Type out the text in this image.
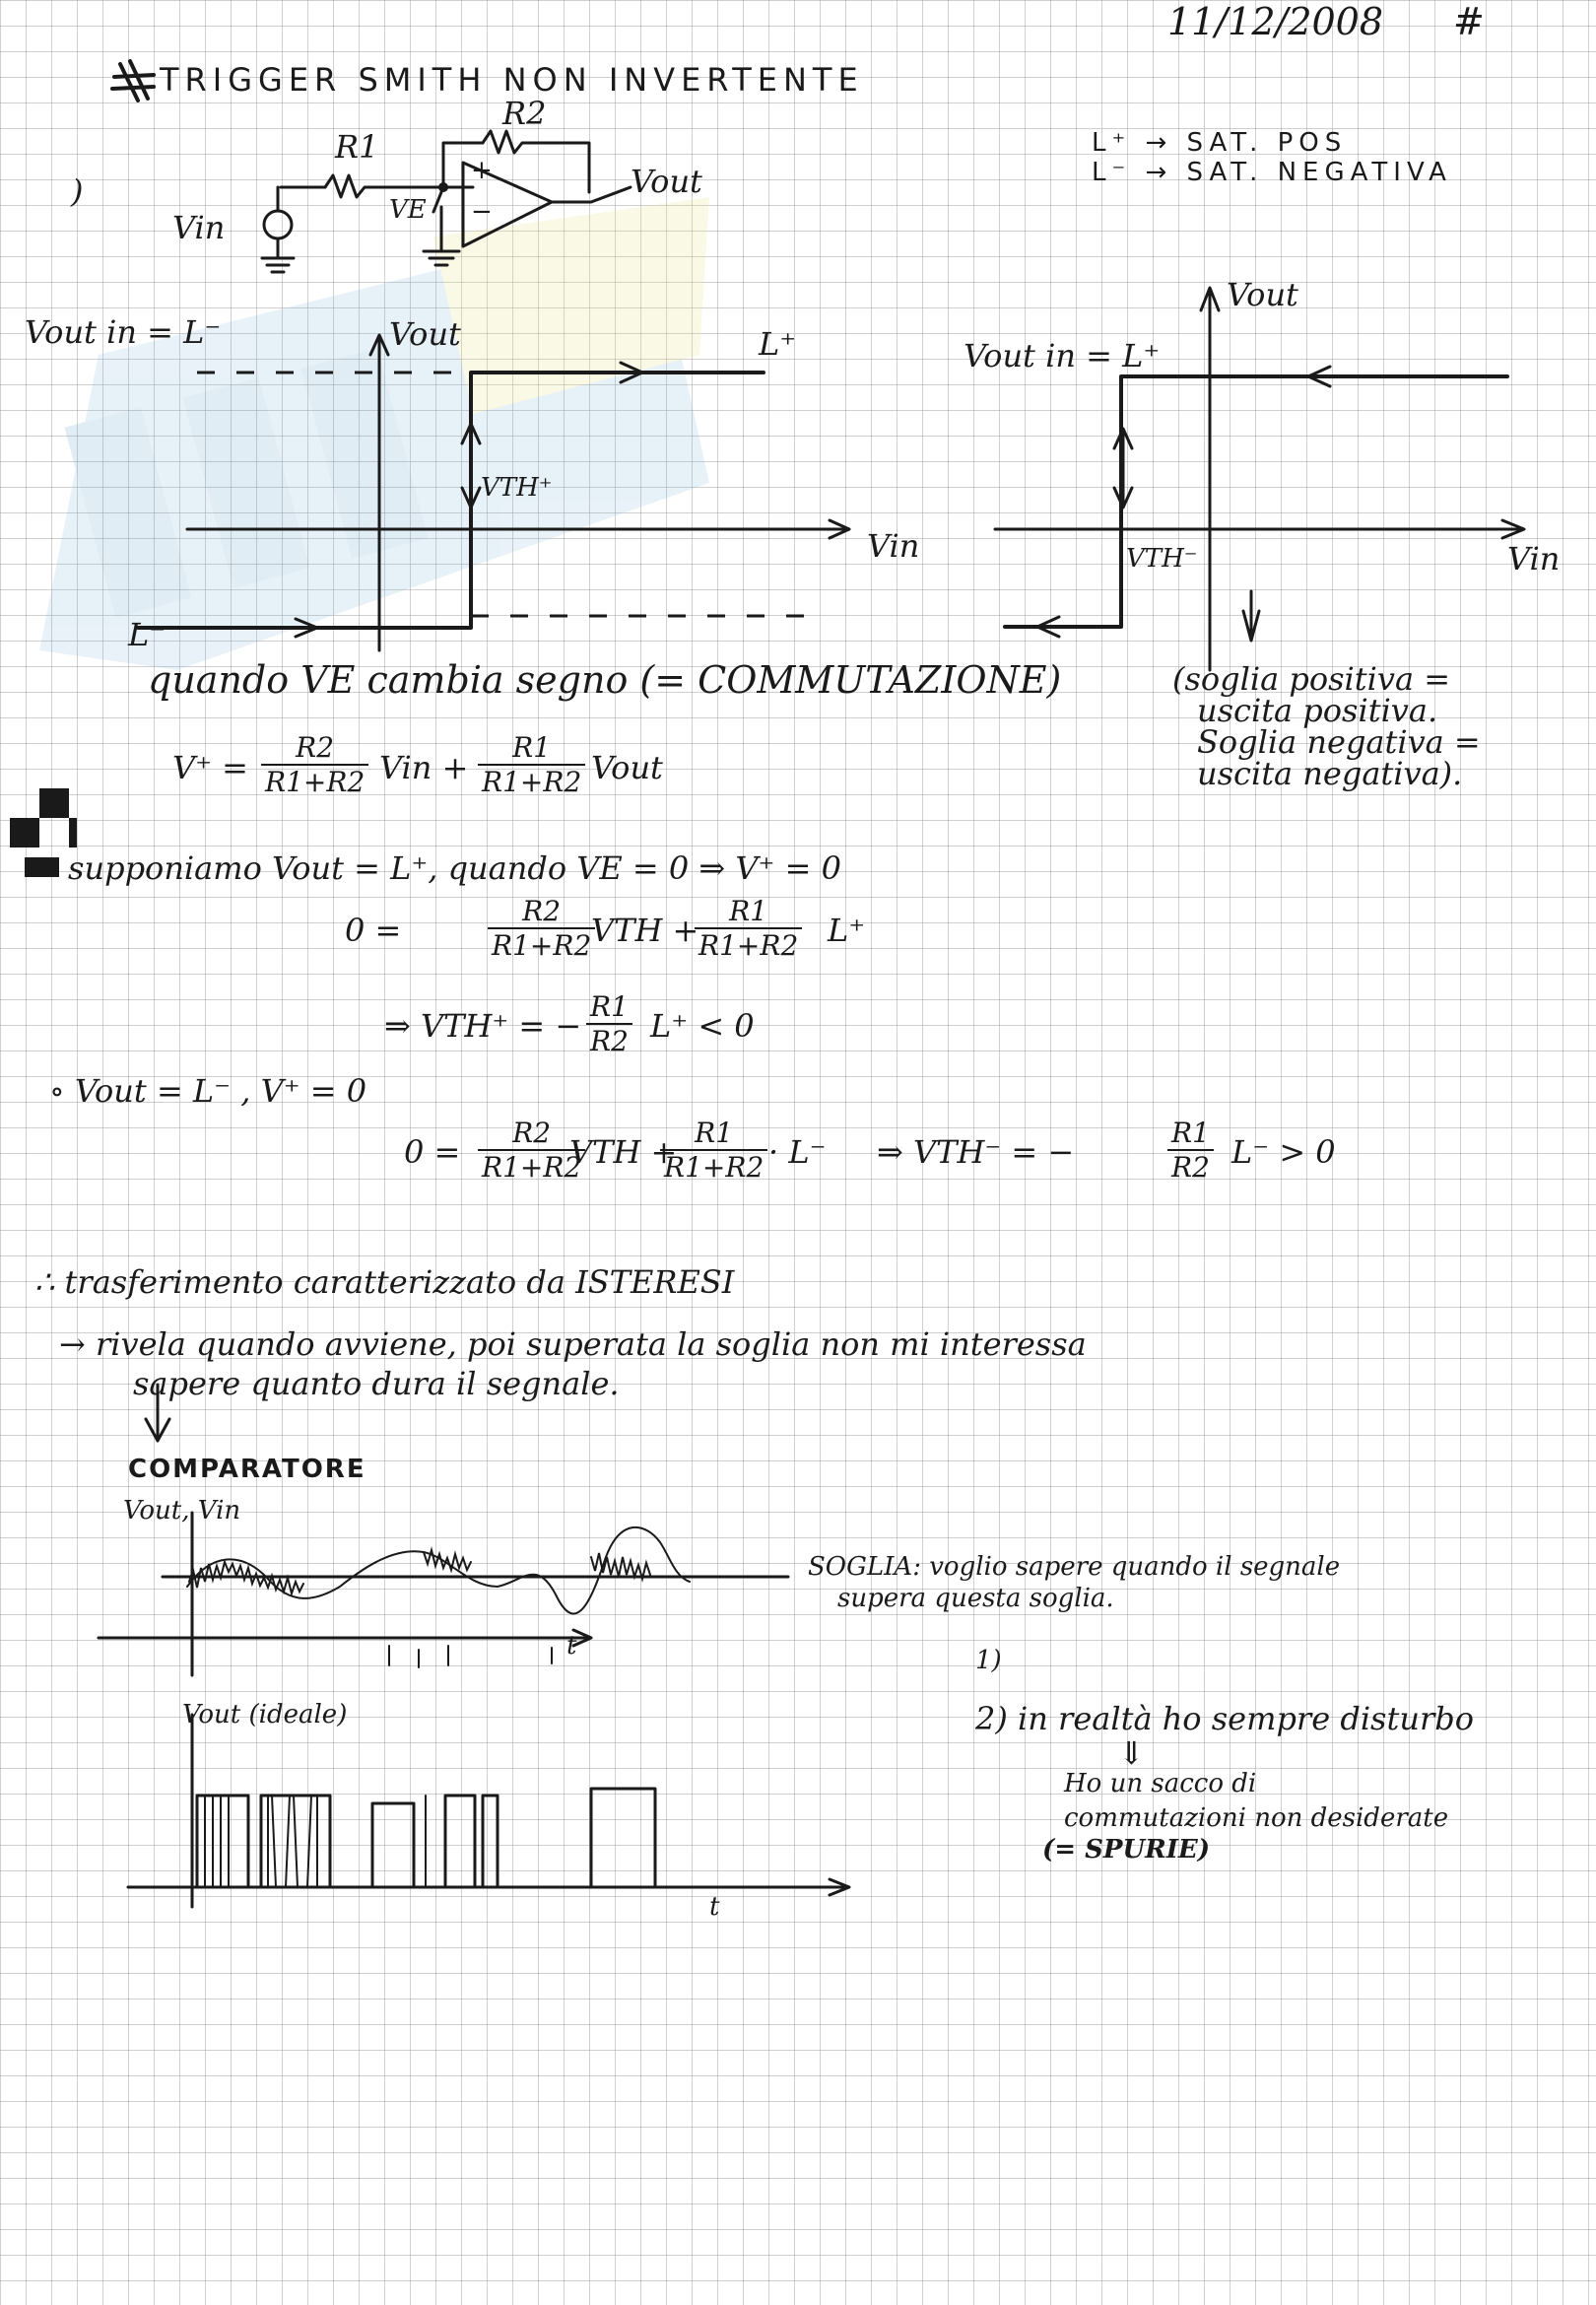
11/12/2008 #
TRIGGER SMITH NON INVERTENTE
)
R1
R2
Vin
Vout
VE
+
−
L⁺ → SAT. POS
L⁻ → SAT. NEGATIVA
Vout in = L⁻	Vout
Vin
L⁺
L⁻
VTH⁺
Vout in = L⁺
Vout
Vin
VTH⁻
quando VE cambia segno (= COMMUTAZIONE)	(soglia positiva =
uscita positiva.
Soglia negativa =
uscita negativa).
$V^+ = \frac{R2}{R1+R2}$ Vin + $\frac{R1}{R1+R2}$ Vout
• supponiamo Vout = L⁺, quando VE = 0 ⇒ V⁺ = 0
0 =	$\frac{R2}{R1+R2}$
VTH +
$\frac{R1}{R1+R2} L^+$
⇒ VTH⁺ = − $\frac{R1}{R2} L^+ < 0$
∘ Vout = L⁻ , V⁺ = 0
$0 = \frac{R2}{R1+R2}$
VTH +
$\frac{R1}{R1+R2} \cdot L^-$ ⇒ VTH⁻ = −	$\frac{R1}{R2} L^- > 0$
∴ trasferimento caratterizzato da ISTERESI
→ rivela quando avviene, poi superata la soglia non mi interessa
sapere quanto dura il segnale.
COMPARATORE
Vout, Vin
t
SOGLIA: voglio sapere quando il segnale
supera questa soglia.
1)
2) in realtà ho sempre disturbo
⇓
Ho un sacco di
commutazioni non desiderate
(= SPURIE)
Vout (ideale)
t
